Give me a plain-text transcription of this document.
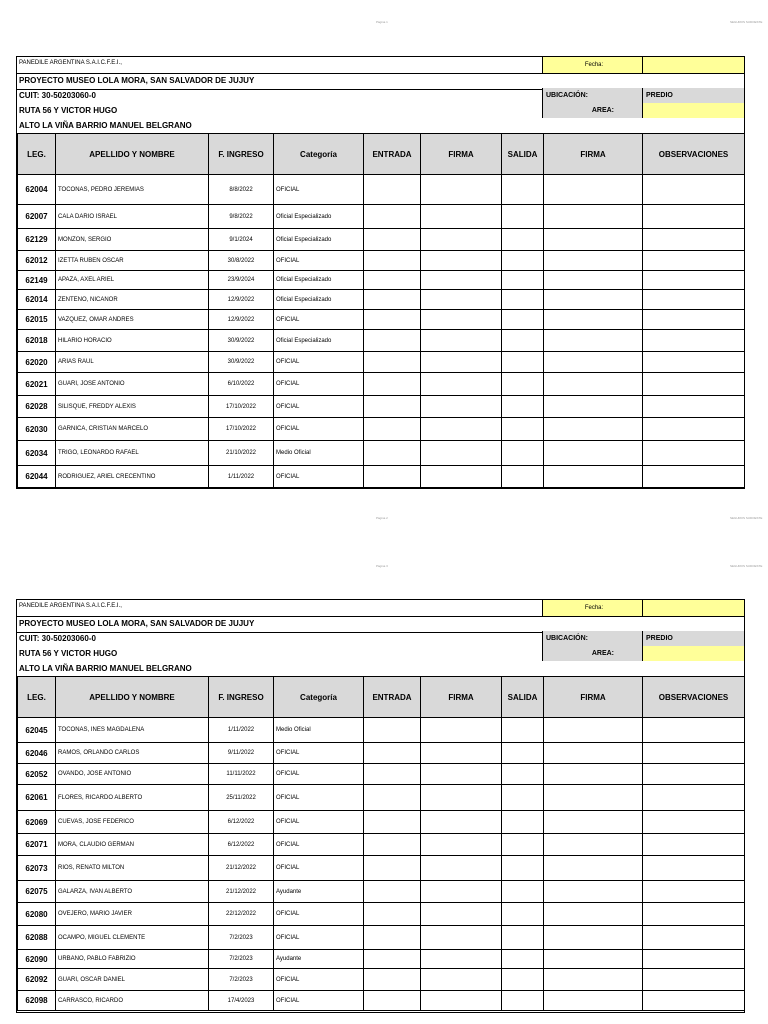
Página 1	SEGUROS SUDOESTE
Página 2	SEGUROS SUDOESTE
Página 3	SEGUROS SUDOESTE
PANEDILE ARGENTINA S.A.I.C.F.E.I.,
PROYECTO MUSEO LOLA MORA, SAN SALVADOR DE JUJUY
CUIT: 30-50203060-0
RUTA 56 Y VICTOR HUGO
ALTO LA VIÑA BARRIO MANUEL BELGRANO
Fecha:
UBICACIÓN:	PREDIO
AREA:
LEG.	APELLIDO Y NOMBRE	F. INGRESO	Categoría	ENTRADA	FIRMA	SALIDA	FIRMA	OBSERVACIONES
62004	TOCONAS, PEDRO JEREMIAS	8/8/2022	OFICIAL					
62007	CALA DARIO ISRAEL	9/8/2022	Oficial Especializado					
62129	MONZON, SERGIO	9/1/2024	Oficial Especializado					
62012	IZETTA RUBEN OSCAR	30/8/2022	OFICIAL					
62149	APAZA, AXEL ARIEL	23/9/2024	Oficial Especializado					
62014	ZENTENO, NICANOR	12/9/2022	Oficial Especializado					
62015	VAZQUEZ, OMAR ANDRES	12/9/2022	OFICIAL					
62018	HILARIO HORACIO	30/9/2022	Oficial Especializado					
62020	ARIAS RAUL	30/9/2022	OFICIAL					
62021	GUARI, JOSE ANTONIO	6/10/2022	OFICIAL					
62028	SILISQUE, FREDDY ALEXIS	17/10/2022	OFICIAL					
62030	GARNICA, CRISTIAN MARCELO	17/10/2022	OFICIAL					
62034	TRIGO, LEONARDO RAFAEL	21/10/2022	Medio Oficial					
62044	RODRIGUEZ, ARIEL CRECENTINO	1/11/2022	OFICIAL					
PANEDILE ARGENTINA S.A.I.C.F.E.I.,
PROYECTO MUSEO LOLA MORA, SAN SALVADOR DE JUJUY
CUIT: 30-50203060-0
RUTA 56 Y VICTOR HUGO
ALTO LA VIÑA BARRIO MANUEL BELGRANO
Fecha:
UBICACIÓN:	PREDIO
AREA:
LEG.	APELLIDO Y NOMBRE	F. INGRESO	Categoría	ENTRADA	FIRMA	SALIDA	FIRMA	OBSERVACIONES
62045	TOCONAS, INES MAGDALENA	1/11/2022	Medio Oficial					
62046	RAMOS, ORLANDO CARLOS	9/11/2022	OFICIAL					
62052	OVANDO, JOSE ANTONIO	11/11/2022	OFICIAL					
62061	FLORES, RICARDO ALBERTO	25/11/2022	OFICIAL					
62069	CUEVAS, JOSE FEDERICO	6/12/2022	OFICIAL					
62071	MORA, CLAUDIO GERMAN	6/12/2022	OFICIAL					
62073	RIOS, RENATO MILTON	21/12/2022	OFICIAL					
62075	GALARZA, IVAN ALBERTO	21/12/2022	Ayudante					
62080	OVEJERO, MARIO JAVIER	22/12/2022	OFICIAL					
62088	OCAMPO, MIGUEL CLEMENTE	7/2/2023	OFICIAL					
62090	URBANO, PABLO FABRIZIO	7/2/2023	Ayudante					
62092	GUARI, OSCAR DANIEL	7/2/2023	OFICIAL					
62098	CARRASCO, RICARDO	17/4/2023	OFICIAL					
